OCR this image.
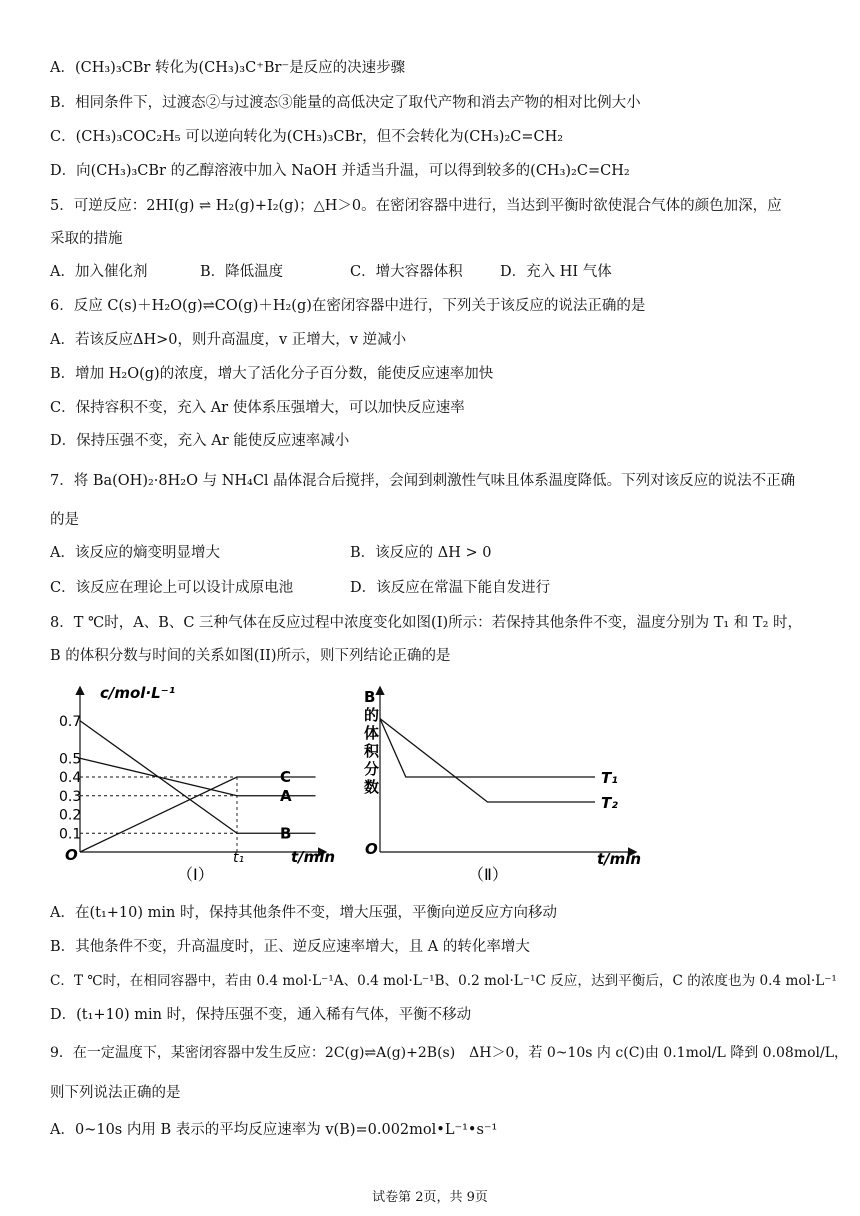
A．(CH₃)₃CBr 转化为(CH₃)₃C⁺Br⁻是反应的决速步骤
B．相同条件下，过渡态②与过渡态③能量的高低决定了取代产物和消去产物的相对比例大小
C．(CH₃)₃COC₂H₅ 可以逆向转化为(CH₃)₃CBr，但不会转化为(CH₃)₂C=CH₂
D．向(CH₃)₃CBr 的乙醇溶液中加入 NaOH 并适当升温，可以得到较多的(CH₃)₂C=CH₂
5．可逆反应：2HI(g) ⇌ H₂(g)+I₂(g)；△H＞0。在密闭容器中进行，当达到平衡时欲使混合气体的颜色加深，应
采取的措施
A．加入催化剂	B．降低温度	C．增大容器体积	D．充入 HI 气体
6．反应 C(s)＋H₂O(g)⇌CO(g)＋H₂(g)在密闭容器中进行，下列关于该反应的说法正确的是
A．若该反应ΔH>0，则升高温度，v 正增大，v 逆减小
B．增加 H₂O(g)的浓度，增大了活化分子百分数，能使反应速率加快
C．保持容积不变，充入 Ar 使体系压强增大，可以加快反应速率
D．保持压强不变，充入 Ar 能使反应速率减小
7．将 Ba(OH)₂·8H₂O 与 NH₄Cl 晶体混合后搅拌，会闻到刺激性气味且体系温度降低。下列对该反应的说法不正确
的是
A．该反应的熵变明显增大	B．该反应的 ΔH > 0
C．该反应在理论上可以设计成原电池	D．该反应在常温下能自发进行
8．T ℃时，A、B、C 三种气体在反应过程中浓度变化如图(I)所示：若保持其他条件不变，温度分别为 T₁ 和 T₂ 时，
B 的体积分数与时间的关系如图(II)所示，则下列结论正确的是
0.1
0.2
0.3
0.4
0.5
0.7
t₁
A
B
C
c/mol·L⁻¹
t/min
O
（Ⅰ）
T₁
T₂
B
的
体
积
分
数
t/min
O
（Ⅱ）
A．在(t₁+10) min 时，保持其他条件不变，增大压强，平衡向逆反应方向移动
B．其他条件不变，升高温度时，正、逆反应速率增大，且 A 的转化率增大
C．T ℃时，在相同容器中，若由 0.4 mol·L⁻¹A、0.4 mol·L⁻¹B、0.2 mol·L⁻¹C 反应，达到平衡后，C 的浓度也为 0.4 mol·L⁻¹
D．(t₁+10) min 时，保持压强不变，通入稀有气体，平衡不移动
9．在一定温度下，某密闭容器中发生反应：2C(g)⇌A(g)+2B(s)　ΔH＞0，若 0~10s 内 c(C)由 0.1mol/L 降到 0.08mol/L，
则下列说法正确的是
A．0~10s 内用 B 表示的平均反应速率为 v(B)=0.002mol•L⁻¹•s⁻¹
试卷第 2页，共 9页
